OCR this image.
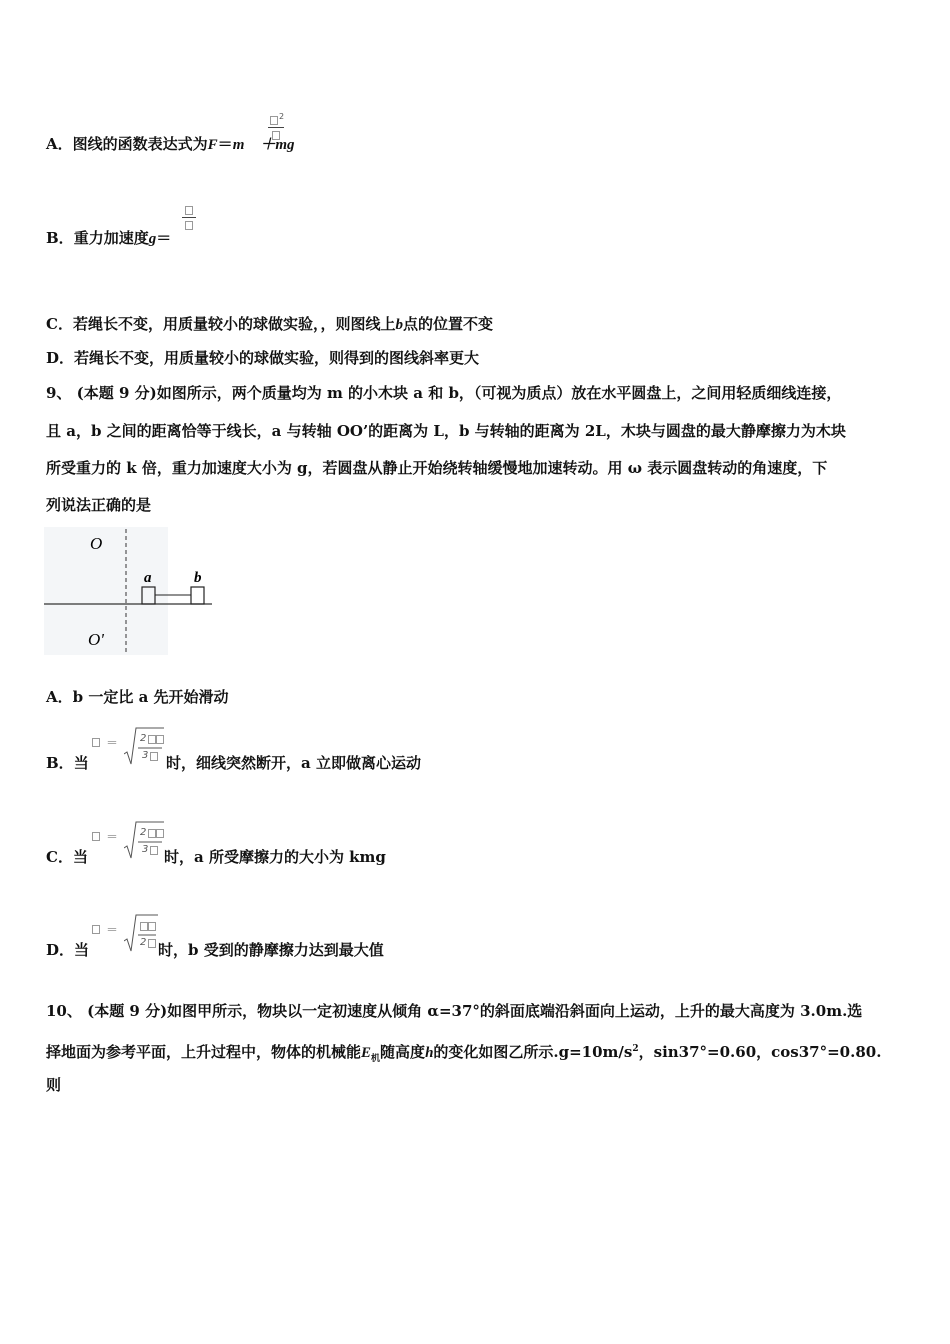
A．图线的函数表达式为F＝m ＋mg
2
B．重力加速度g＝
C．若绳长不变，用质量较小的球做实验，，则图线上b点的位置不变
D．若绳长不变，用质量较小的球做实验，则得到的图线斜率更大
9、 (本题 9 分)如图所示，两个质量均为 m 的小木块 a 和 b，（可视为质点）放在水平圆盘上，之间用轻质细线连接，
且 a，b 之间的距离恰等于线长，a 与转轴 OO’的距离为 L，b 与转轴的距离为 2L，木块与圆盘的最大静摩擦力为木块
所受重力的 k 倍，重力加速度大小为 g，若圆盘从静止开始绕转轴缓慢地加速转动。用 ω 表示圆盘转动的角速度，下
列说法正确的是
O
O'
a	b
A．b 一定比 a 先开始滑动
B．当
＝ 2
3 时，细线突然断开，a 立即做离心运动
C．当
＝ 2
3 时，a 所受摩擦力的大小为 kmg
D．当
＝
2 时，b 受到的静摩擦力达到最大值
10、 (本题 9 分)如图甲所示，物块以一定初速度从倾角 α=37°的斜面底端沿斜面向上运动，上升的最大高度为 3.0m.选
择地面为参考平面，上升过程中，物体的机械能$E_机$随高度h的变化如图乙所示$.g=10m/s^2$，sin37°=0.60，cos37°=0.80.
则
